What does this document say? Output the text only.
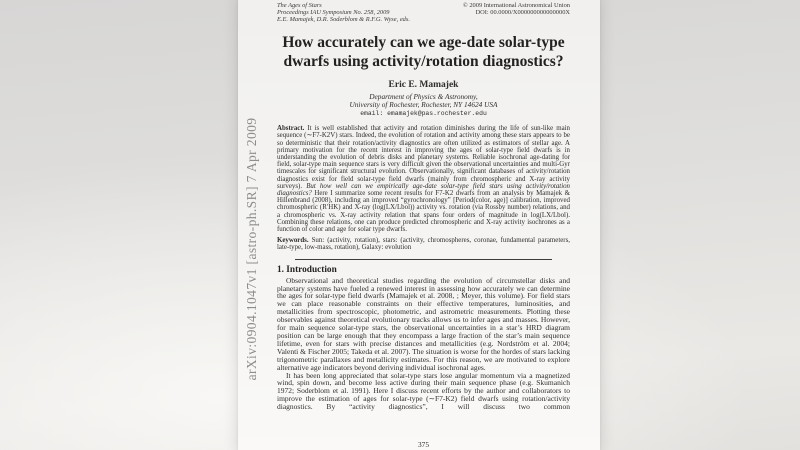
arXiv:0904.1047v1 [astro-ph.SR] 7 Apr 2009
The Ages of Stars
Proceedings IAU Symposium No. 258, 2009
E.E. Mamajek, D.R. Soderblom & R.F.G. Wyse, eds.
© 2009 International Astronomical Union
DOI: 00.0000/X000000000000000X
How accurately can we age-date solar-type dwarfs using activity/rotation diagnostics?
Eric E. Mamajek
Department of Physics & Astronomy,
University of Rochester, Rochester, NY 14624 USA
email: emamajek@pas.rochester.edu

Abstract. It is well established that activity and rotation diminishes during the life of sun-like main sequence (∼F7-K2V) stars. Indeed, the evolution of rotation and activity among these stars appears to be so deterministic that their rotation/activity diagnostics are often utilized as estimators of stellar age. A primary motivation for the recent interest in improving the ages of solar-type field dwarfs is in understanding the evolution of debris disks and planetary systems. Reliable isochronal age-dating for field, solar-type main sequence stars is very difficult given the observational uncertainties and multi-Gyr timescales for significant structural evolution. Observationally, significant databases of activity/rotation diagnostics exist for field solar-type field dwarfs (mainly from chromospheric and X-ray activity surveys). But how well can we empirically age-date solar-type field stars using activity/rotation diagnostics? Here I summarize some recent results for F7-K2 dwarfs from an analysis by Mamajek & Hillenbrand (2008), including an improved “gyrochronology” [Period(color, age)] calibration, improved chromospheric (R′HK) and X-ray (log(LX/Lbol)) activity vs. rotation (via Rossby number) relations, and a chromospheric vs. X-ray activity relation that spans four orders of magnitude in log(LX/Lbol). Combining these relations, one can produce predicted chromospheric and X-ray activity isochrones as a function of color and age for solar type dwarfs.

Keywords. Sun: (activity, rotation), stars: (activity, chromospheres, coronae, fundamental parameters, late-type, low-mass, rotation), Galaxy: evolution

1. Introduction

Observational and theoretical studies regarding the evolution of circumstellar disks and planetary systems have fueled a renewed interest in assessing how accurately we can determine the ages for solar-type field dwarfs (Mamajek et al. 2008, ; Meyer, this volume). For field stars we can place reasonable constraints on their effective temperatures, luminosities, and metallicities from spectroscopic, photometric, and astrometric measurements. Plotting these observables against theoretical evolutionary tracks allows us to infer ages and masses. However, for main sequence solar-type stars, the observational uncertainties in a star’s HRD diagram position can be large enough that they encompass a large fraction of the star’s main sequence lifetime, even for stars with precise distances and metallicities (e.g. Nordström et al. 2004; Valenti & Fischer 2005; Takeda et al. 2007). The situation is worse for the hordes of stars lacking trigonometric parallaxes and metallicity estimates. For this reason, we are motivated to explore alternative age indicators beyond deriving individual isochronal ages.

It has been long appreciated that solar-type stars lose angular momentum via a magnetized wind, spin down, and become less active during their main sequence phase (e.g. Skumanich 1972; Soderblom et al. 1991). Here I discuss recent efforts by the author and collaborators to improve the estimation of ages for solar-type (∼F7-K2) field dwarfs using rotation/activity diagnostics. By “activity diagnostics”, I will discuss two common

375
